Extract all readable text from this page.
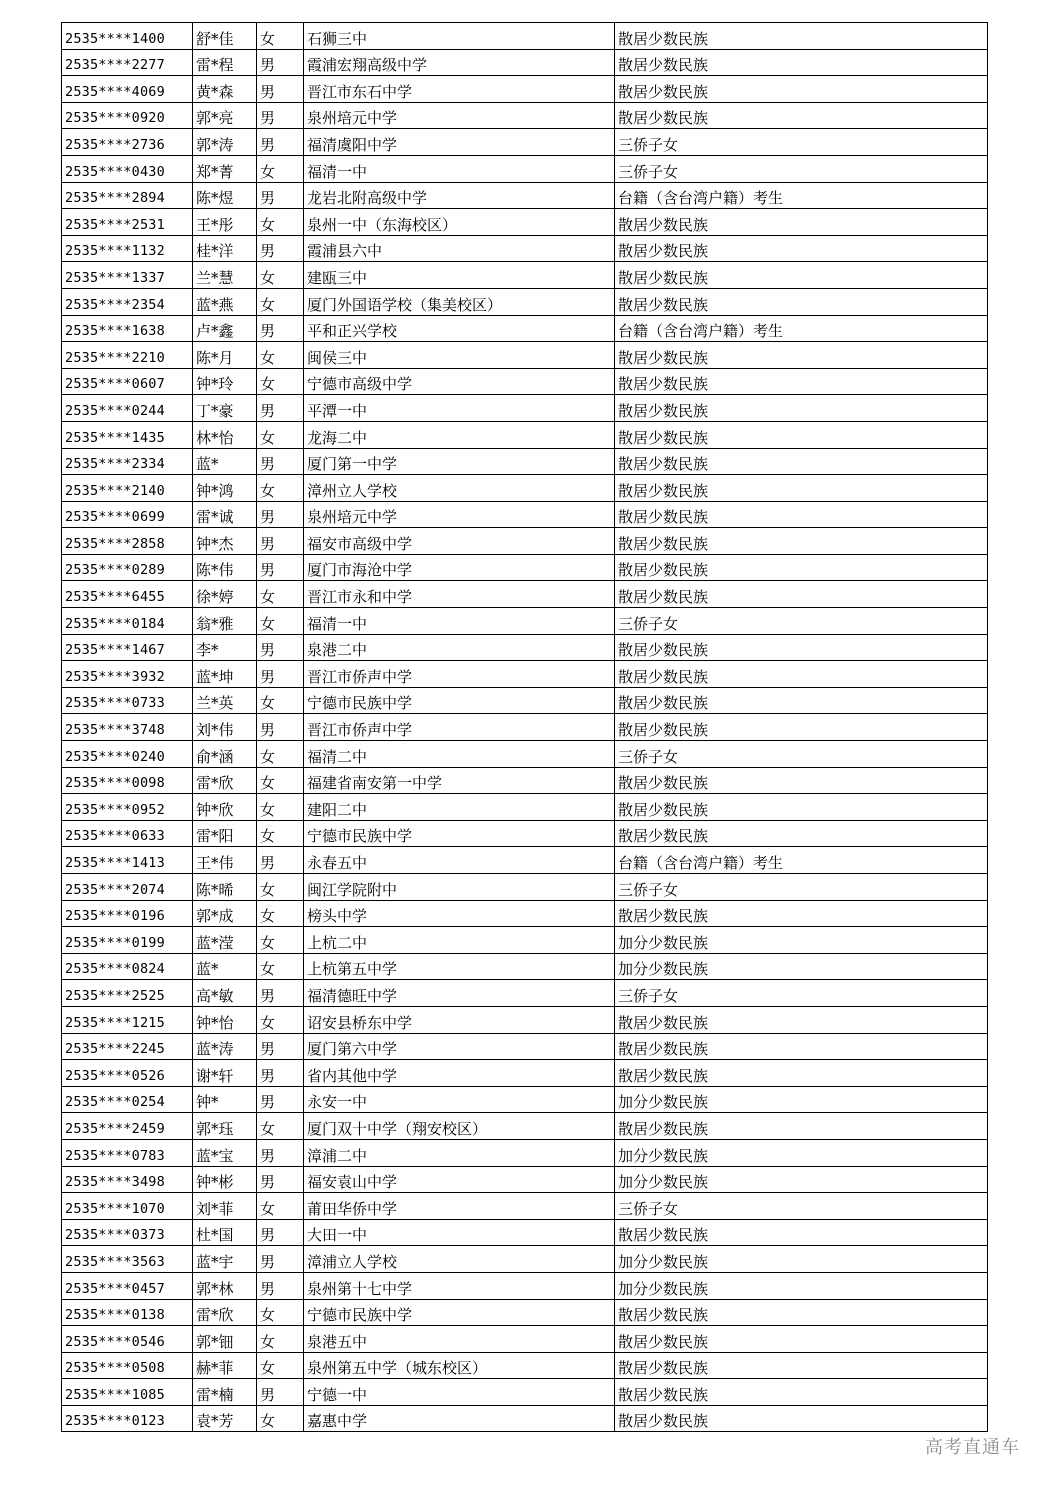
2535****1400	舒*佳	女	石狮三中	散居少数民族
2535****2277	雷*程	男	霞浦宏翔高级中学	散居少数民族
2535****4069	黄*森	男	晋江市东石中学	散居少数民族
2535****0920	郭*亮	男	泉州培元中学	散居少数民族
2535****2736	郭*涛	男	福清虞阳中学	三侨子女
2535****0430	郑*菁	女	福清一中	三侨子女
2535****2894	陈*煜	男	龙岩北附高级中学	台籍（含台湾户籍）考生
2535****2531	王*彤	女	泉州一中（东海校区）	散居少数民族
2535****1132	桂*洋	男	霞浦县六中	散居少数民族
2535****1337	兰*慧	女	建瓯三中	散居少数民族
2535****2354	蓝*燕	女	厦门外国语学校（集美校区）	散居少数民族
2535****1638	卢*鑫	男	平和正兴学校	台籍（含台湾户籍）考生
2535****2210	陈*月	女	闽侯三中	散居少数民族
2535****0607	钟*玲	女	宁德市高级中学	散居少数民族
2535****0244	丁*豪	男	平潭一中	散居少数民族
2535****1435	林*怡	女	龙海二中	散居少数民族
2535****2334	蓝*	男	厦门第一中学	散居少数民族
2535****2140	钟*鸿	女	漳州立人学校	散居少数民族
2535****0699	雷*诚	男	泉州培元中学	散居少数民族
2535****2858	钟*杰	男	福安市高级中学	散居少数民族
2535****0289	陈*伟	男	厦门市海沧中学	散居少数民族
2535****6455	徐*婷	女	晋江市永和中学	散居少数民族
2535****0184	翁*雅	女	福清一中	三侨子女
2535****1467	李*	男	泉港二中	散居少数民族
2535****3932	蓝*坤	男	晋江市侨声中学	散居少数民族
2535****0733	兰*英	女	宁德市民族中学	散居少数民族
2535****3748	刘*伟	男	晋江市侨声中学	散居少数民族
2535****0240	俞*涵	女	福清二中	三侨子女
2535****0098	雷*欣	女	福建省南安第一中学	散居少数民族
2535****0952	钟*欣	女	建阳二中	散居少数民族
2535****0633	雷*阳	女	宁德市民族中学	散居少数民族
2535****1413	王*伟	男	永春五中	台籍（含台湾户籍）考生
2535****2074	陈*晞	女	闽江学院附中	三侨子女
2535****0196	郭*成	女	榜头中学	散居少数民族
2535****0199	蓝*滢	女	上杭二中	加分少数民族
2535****0824	蓝*	女	上杭第五中学	加分少数民族
2535****2525	高*敏	男	福清德旺中学	三侨子女
2535****1215	钟*怡	女	诏安县桥东中学	散居少数民族
2535****2245	蓝*涛	男	厦门第六中学	散居少数民族
2535****0526	谢*轩	男	省内其他中学	散居少数民族
2535****0254	钟*	男	永安一中	加分少数民族
2535****2459	郭*珏	女	厦门双十中学（翔安校区）	散居少数民族
2535****0783	蓝*宝	男	漳浦二中	加分少数民族
2535****3498	钟*彬	男	福安袁山中学	加分少数民族
2535****1070	刘*菲	女	莆田华侨中学	三侨子女
2535****0373	杜*国	男	大田一中	散居少数民族
2535****3563	蓝*宇	男	漳浦立人学校	加分少数民族
2535****0457	郭*林	男	泉州第十七中学	加分少数民族
2535****0138	雷*欣	女	宁德市民族中学	散居少数民族
2535****0546	郭*钿	女	泉港五中	散居少数民族
2535****0508	赫*菲	女	泉州第五中学（城东校区）	散居少数民族
2535****1085	雷*楠	男	宁德一中	散居少数民族
2535****0123	袁*芳	女	嘉惠中学	散居少数民族
高考直通车
